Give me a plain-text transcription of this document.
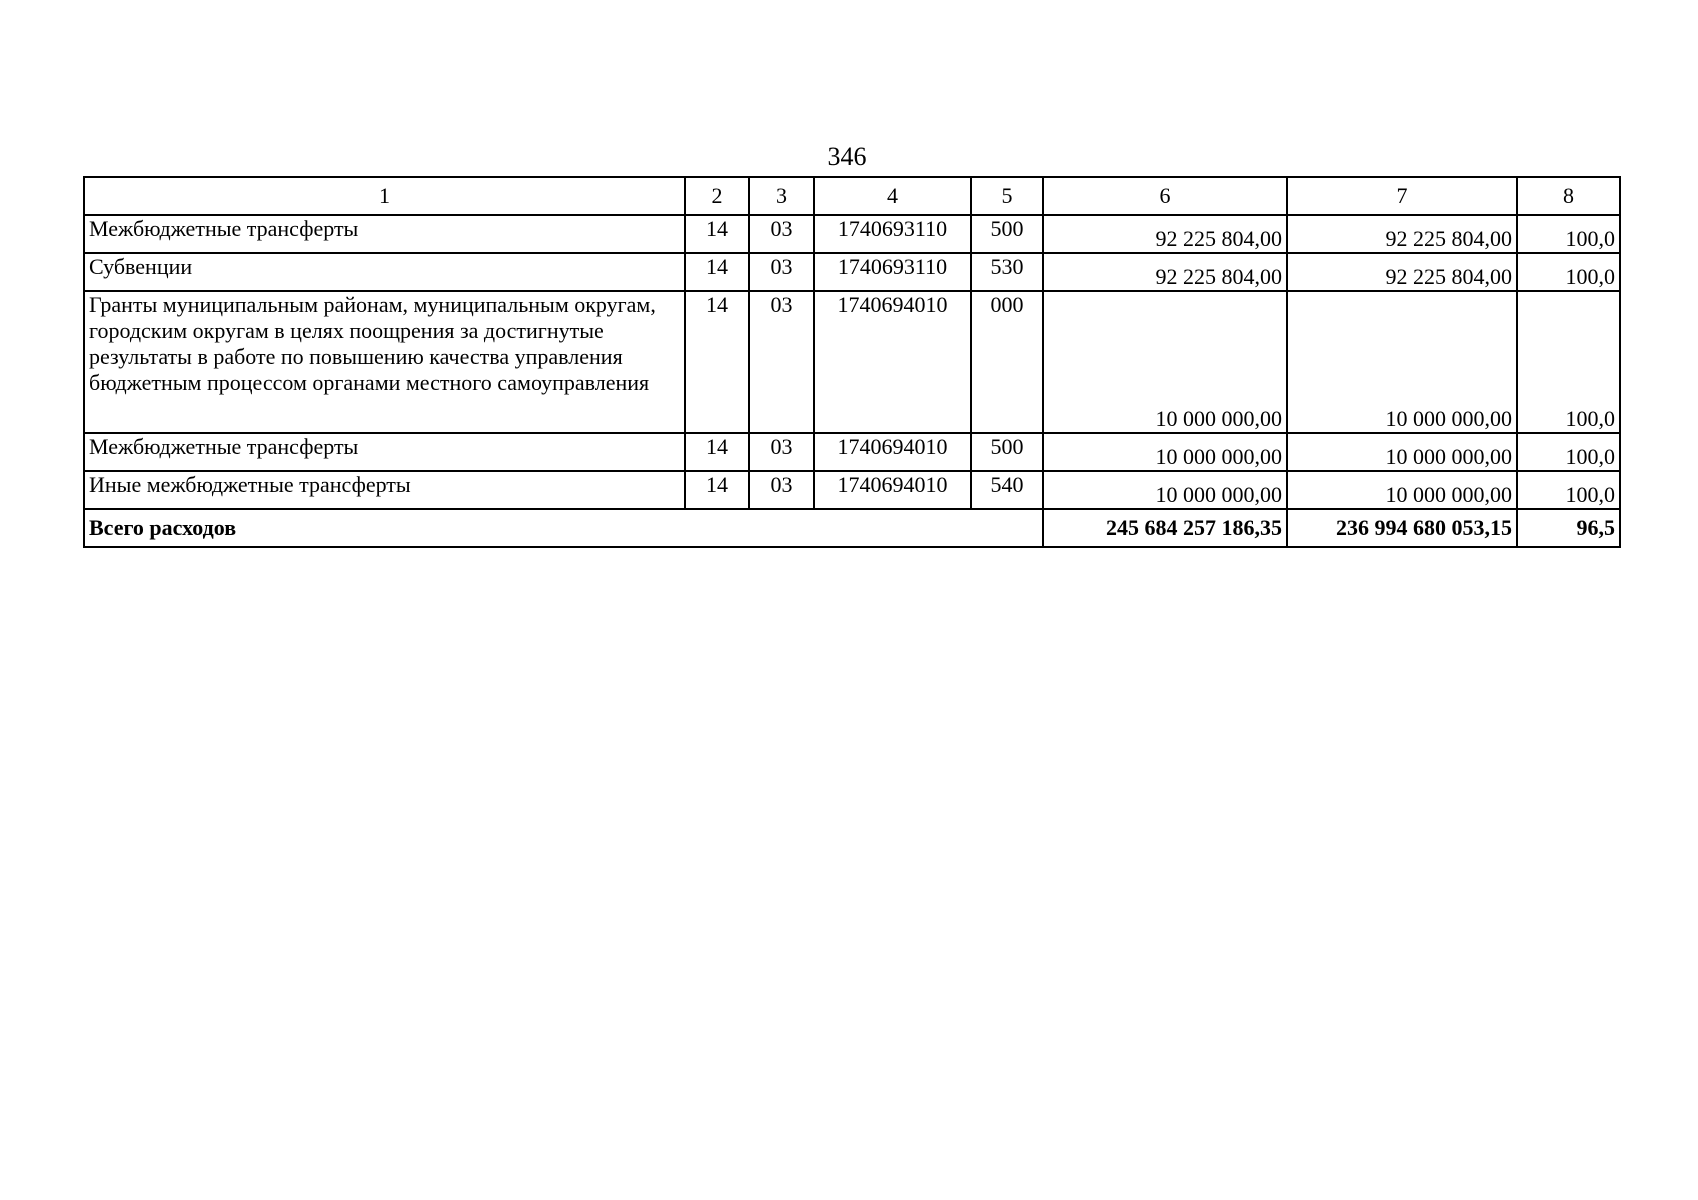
346
1	2	3	4	5	6	7	8
Межбюджетные трансферты	14	03	1740693110	500	92 225 804,00	92 225 804,00	100,0
Субвенции	14	03	1740693110	530	92 225 804,00	92 225 804,00	100,0
Гранты муниципальным районам, муниципальным округам, городским округам в целях поощрения за достигнутые результаты в работе по повышению качества управления бюджетным процессом органами местного самоуправления	14	03	1740694010	000	10 000 000,00	10 000 000,00	100,0
Межбюджетные трансферты	14	03	1740694010	500	10 000 000,00	10 000 000,00	100,0
Иные межбюджетные трансферты	14	03	1740694010	540	10 000 000,00	10 000 000,00	100,0
Всего расходов					245 684 257 186,35	236 994 680 053,15	96,5
